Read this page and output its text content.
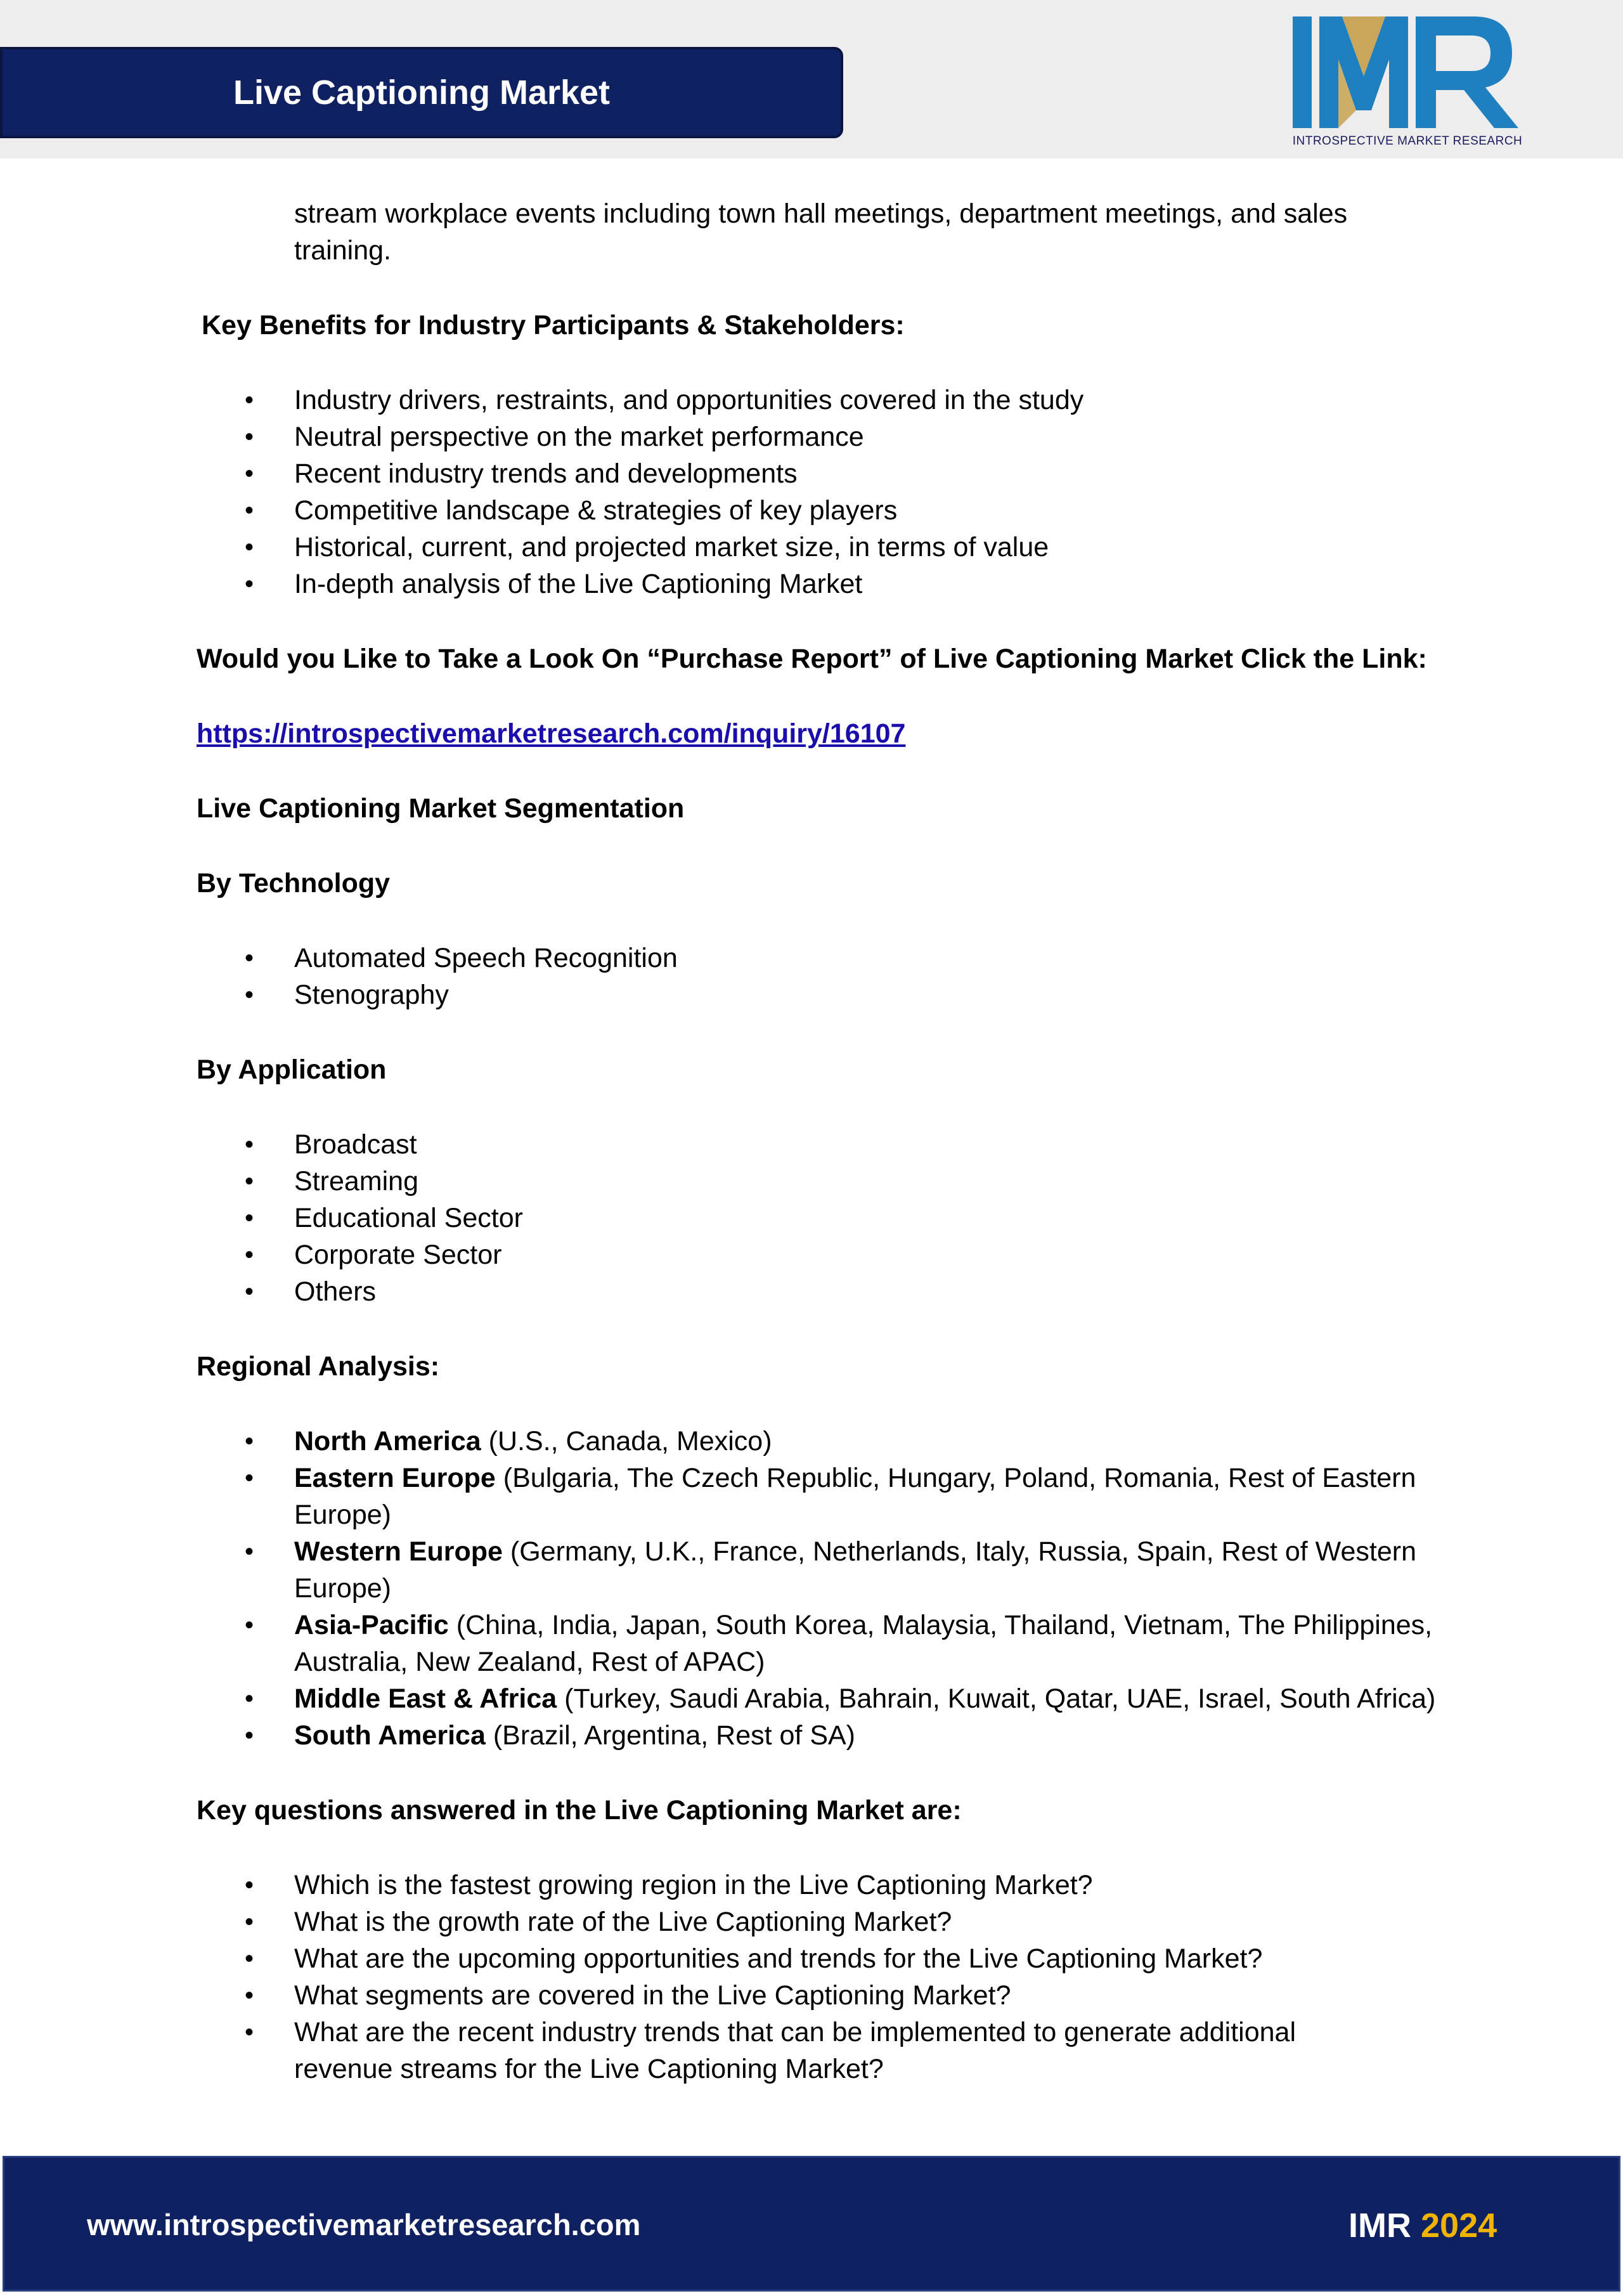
Live Captioning Market
INTROSPECTIVE MARKET RESEARCH
stream workplace events including town hall meetings, department meetings, and sales
training.
Key Benefits for Industry Participants & Stakeholders:
• Industry drivers, restraints, and opportunities covered in the study
• Neutral perspective on the market performance
• Recent industry trends and developments
• Competitive landscape & strategies of key players
• Historical, current, and projected market size, in terms of value
• In-depth analysis of the Live Captioning Market
Would you Like to Take a Look On “Purchase Report” of Live Captioning Market Click the Link:
https://introspectivemarketresearch.com/inquiry/16107
Live Captioning Market Segmentation
By Technology
• Automated Speech Recognition
• Stenography
By Application
• Broadcast
• Streaming
• Educational Sector
• Corporate Sector
• Others
Regional Analysis:
• North America (U.S., Canada, Mexico)
• Eastern Europe (Bulgaria, The Czech Republic, Hungary, Poland, Romania, Rest of Eastern
Europe)
• Western Europe (Germany, U.K., France, Netherlands, Italy, Russia, Spain, Rest of Western
Europe)
• Asia-Pacific (China, India, Japan, South Korea, Malaysia, Thailand, Vietnam, The Philippines,
Australia, New Zealand, Rest of APAC)
• Middle East & Africa (Turkey, Saudi Arabia, Bahrain, Kuwait, Qatar, UAE, Israel, South Africa)
• South America (Brazil, Argentina, Rest of SA)
Key questions answered in the Live Captioning Market are:
• Which is the fastest growing region in the Live Captioning Market?
• What is the growth rate of the Live Captioning Market?
• What are the upcoming opportunities and trends for the Live Captioning Market?
• What segments are covered in the Live Captioning Market?
• What are the recent industry trends that can be implemented to generate additional
revenue streams for the Live Captioning Market?
www.introspectivemarketresearch.com	IMR 2024
